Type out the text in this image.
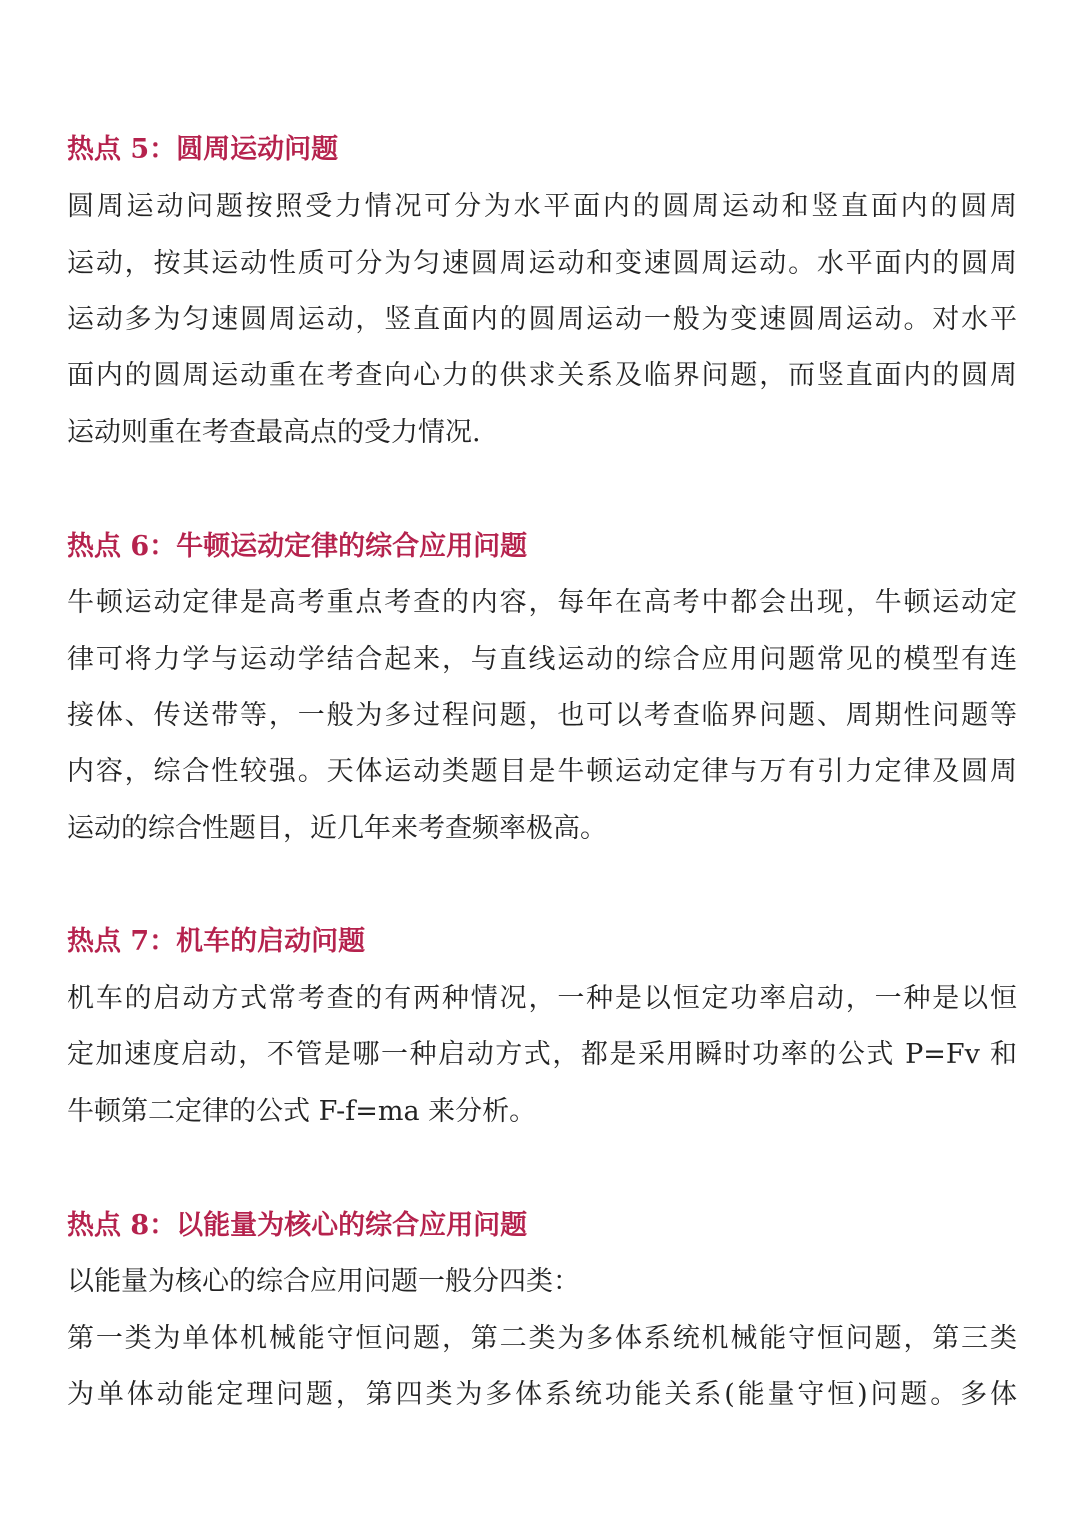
热点 5：圆周运动问题
圆周运动问题按照受力情况可分为水平面内的圆周运动和竖直面内的圆周
运动，按其运动性质可分为匀速圆周运动和变速圆周运动。水平面内的圆周
运动多为匀速圆周运动，竖直面内的圆周运动一般为变速圆周运动。对水平
面内的圆周运动重在考查向心力的供求关系及临界问题，而竖直面内的圆周
运动则重在考查最高点的受力情况.
热点 6：牛顿运动定律的综合应用问题
牛顿运动定律是高考重点考查的内容，每年在高考中都会出现，牛顿运动定
律可将力学与运动学结合起来，与直线运动的综合应用问题常见的模型有连
接体、传送带等，一般为多过程问题，也可以考查临界问题、周期性问题等
内容，综合性较强。天体运动类题目是牛顿运动定律与万有引力定律及圆周
运动的综合性题目，近几年来考查频率极高。
热点 7：机车的启动问题
机车的启动方式常考查的有两种情况，一种是以恒定功率启动，一种是以恒
定加速度启动，不管是哪一种启动方式，都是采用瞬时功率的公式 P=Fv 和
牛顿第二定律的公式 F-f=ma 来分析。
热点 8：以能量为核心的综合应用问题
以能量为核心的综合应用问题一般分四类：
第一类为单体机械能守恒问题，第二类为多体系统机械能守恒问题，第三类
为单体动能定理问题，第四类为多体系统功能关系(能量守恒)问题。多体
